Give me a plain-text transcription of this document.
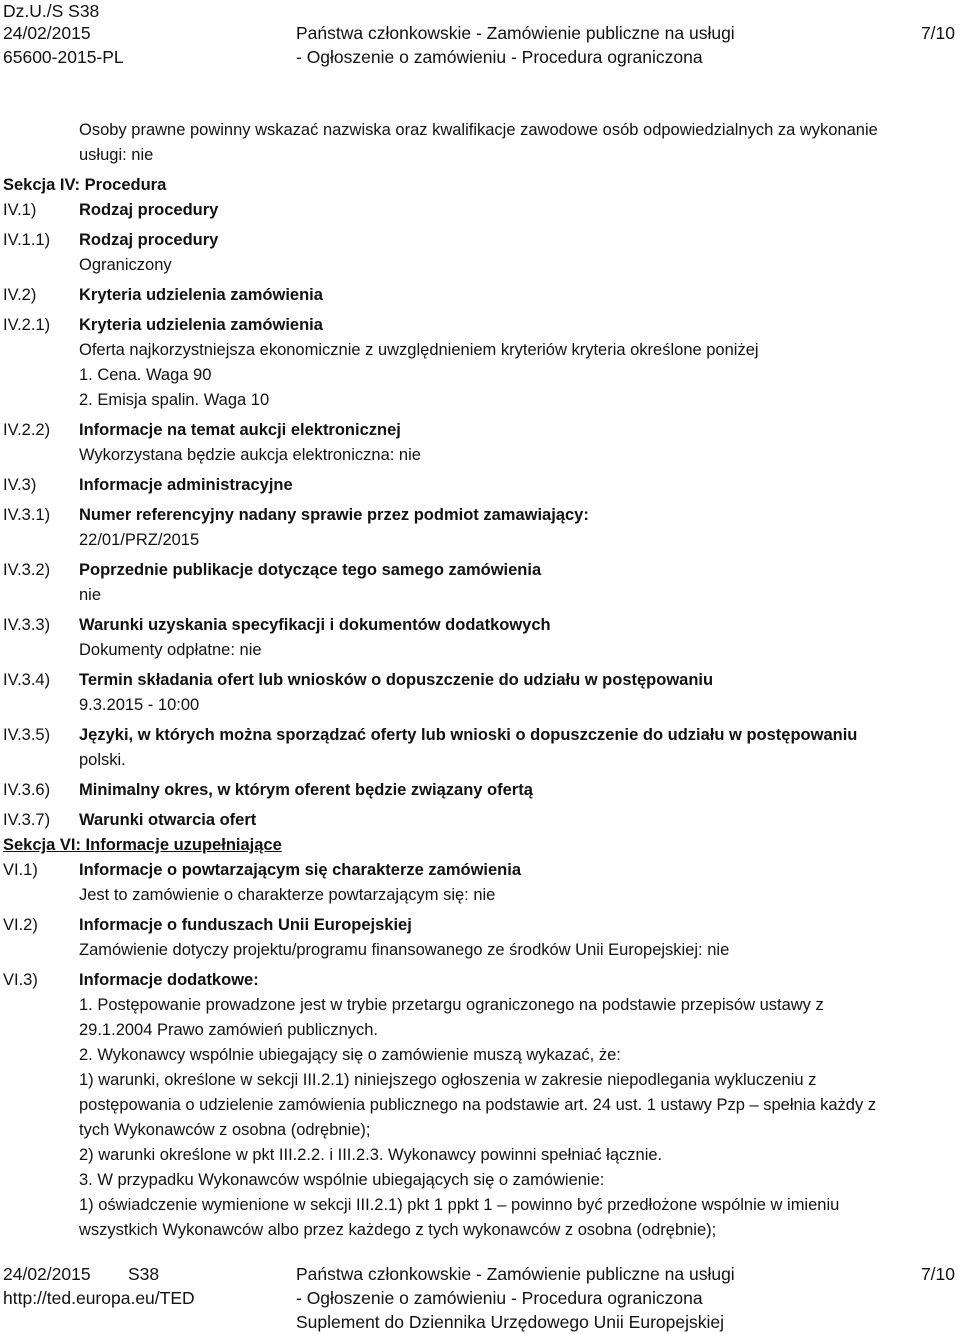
Dz.U./S S38
24/02/2015
65600-2015-PL
Państwa członkowskie - Zamówienie publiczne na usługi
- Ogłoszenie o zamówieniu - Procedura ograniczona
7/10
Osoby prawne powinny wskazać nazwiska oraz kwalifikacje zawodowe osób odpowiedzialnych za wykonanie
usługi: nie
Sekcja IV: Procedura
IV.1)	Rodzaj procedury
IV.1.1) Rodzaj procedury
Ograniczony
IV.2)	Kryteria udzielenia zamówienia
IV.2.1) Kryteria udzielenia zamówienia
Oferta najkorzystniejsza ekonomicznie z uwzględnieniem kryteriów kryteria określone poniżej
1. Cena. Waga 90
2. Emisja spalin. Waga 10
IV.2.2) Informacje na temat aukcji elektronicznej
Wykorzystana będzie aukcja elektroniczna: nie
IV.3)	Informacje administracyjne
IV.3.1) Numer referencyjny nadany sprawie przez podmiot zamawiający:
22/01/PRZ/2015
IV.3.2) Poprzednie publikacje dotyczące tego samego zamówienia
nie
IV.3.3) Warunki uzyskania specyfikacji i dokumentów dodatkowych
Dokumenty odpłatne: nie
IV.3.4) Termin składania ofert lub wniosków o dopuszczenie do udziału w postępowaniu
9.3.2015 - 10:00
IV.3.5) Języki, w których można sporządzać oferty lub wnioski o dopuszczenie do udziału w postępowaniu
polski.
IV.3.6) Minimalny okres, w którym oferent będzie związany ofertą
IV.3.7) Warunki otwarcia ofert
Sekcja VI: Informacje uzupełniające
VI.1) Informacje o powtarzającym się charakterze zamówienia
Jest to zamówienie o charakterze powtarzającym się: nie
VI.2) Informacje o funduszach Unii Europejskiej
Zamówienie dotyczy projektu/programu finansowanego ze środków Unii Europejskiej: nie
VI.3) Informacje dodatkowe:
1. Postępowanie prowadzone jest w trybie przetargu ograniczonego na podstawie przepisów ustawy z
29.1.2004 Prawo zamówień publicznych.
2. Wykonawcy wspólnie ubiegający się o zamówienie muszą wykazać, że:
1) warunki, określone w sekcji III.2.1) niniejszego ogłoszenia w zakresie niepodlegania wykluczeniu z
postępowania o udzielenie zamówienia publicznego na podstawie art. 24 ust. 1 ustawy Pzp – spełnia każdy z
tych Wykonawców z osobna (odrębnie);
2) warunki określone w pkt III.2.2. i III.2.3. Wykonawcy powinni spełniać łącznie.
3. W przypadku Wykonawców wspólnie ubiegających się o zamówienie:
1) oświadczenie wymienione w sekcji III.2.1) pkt 1 ppkt 1 – powinno być przedłożone wspólnie w imieniu
wszystkich Wykonawców albo przez każdego z tych wykonawców z osobna (odrębnie);
24/02/2015 S38
http://ted.europa.eu/TED
Państwa członkowskie - Zamówienie publiczne na usługi
- Ogłoszenie o zamówieniu - Procedura ograniczona
Suplement do Dziennika Urzędowego Unii Europejskiej
7/10
